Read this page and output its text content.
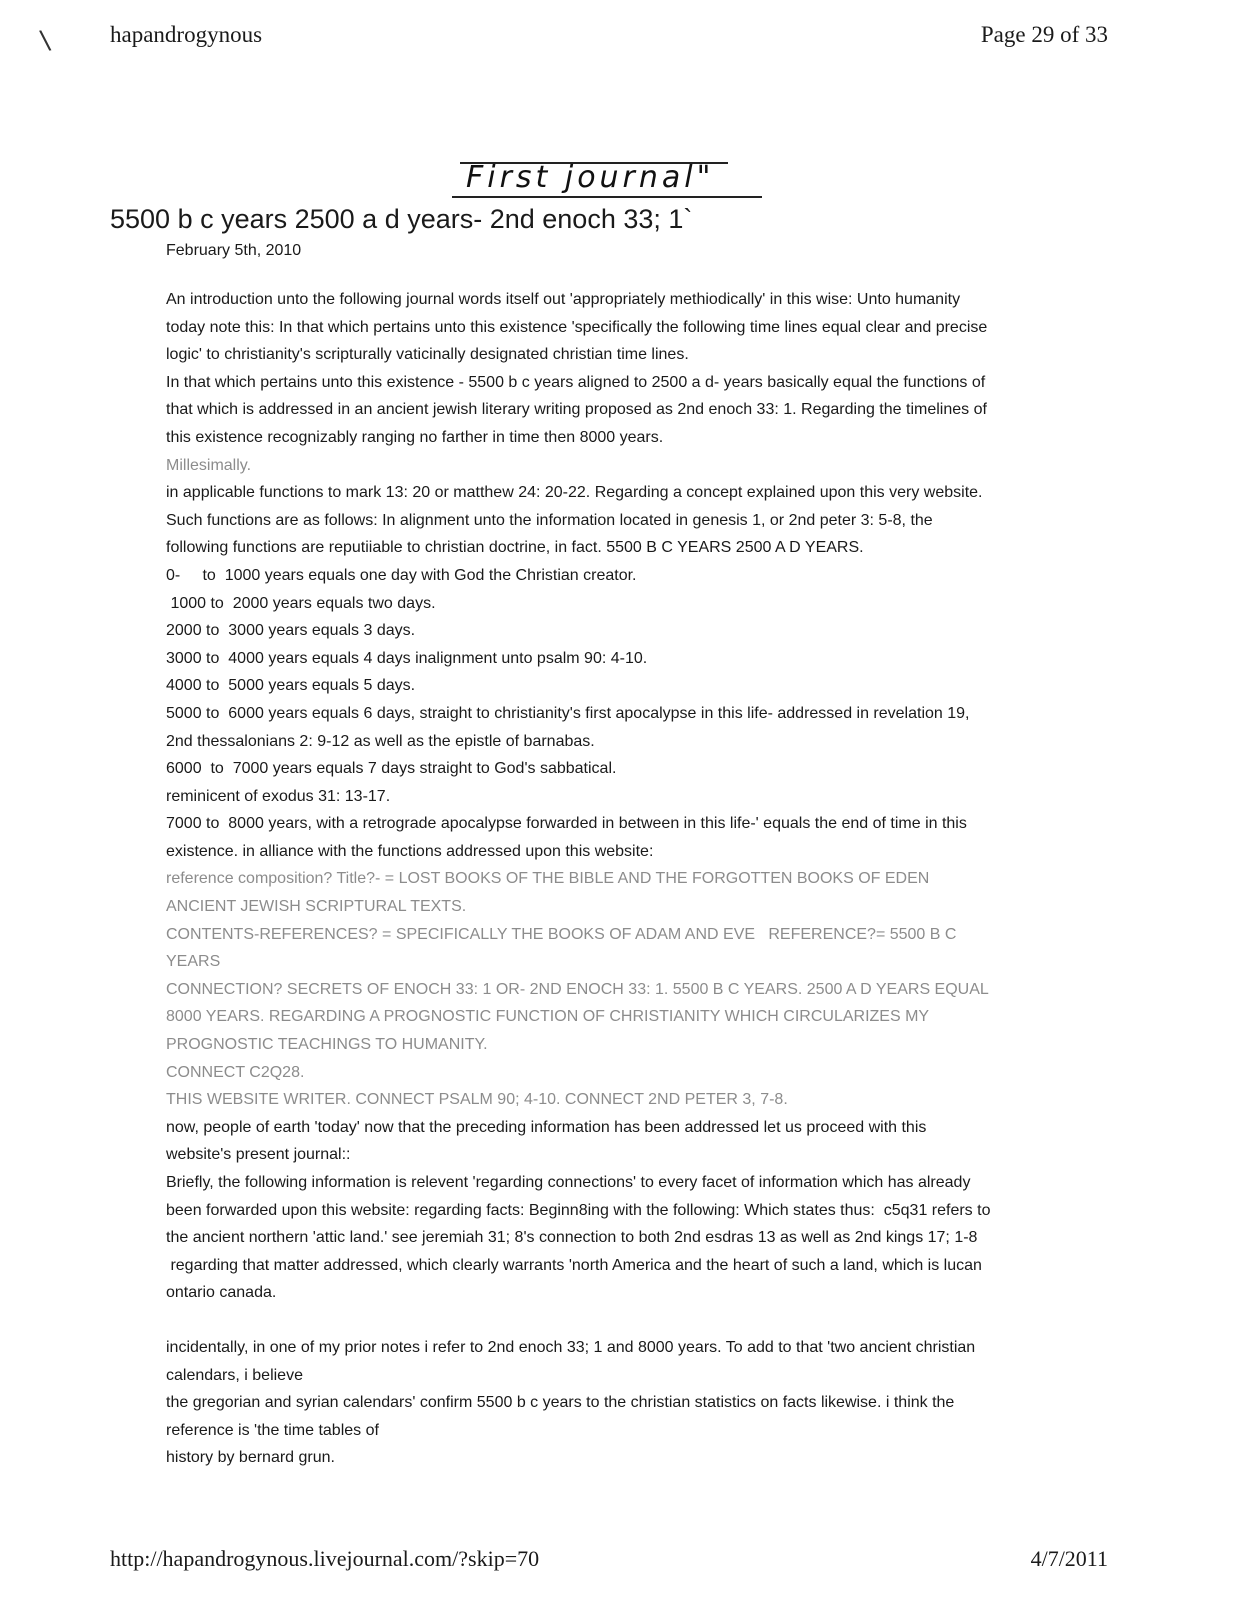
∖ hapandrogynous	Page 29 of 33
First journal"
5500 b c years 2500 a d years- 2nd enoch 33; 1`
February 5th, 2010

An introduction unto the following journal words itself out 'appropriately methiodically' in this wise: Unto humanity

today note this: In that which pertains unto this existence 'specifically the following time lines equal clear and precise

logic' to christianity's scripturally vaticinally designated christian time lines.

In that which pertains unto this existence - 5500 b c years aligned to 2500 a d- years basically equal the functions of

that which is addressed in an ancient jewish literary writing proposed as 2nd enoch 33: 1. Regarding the timelines of

this existence recognizably ranging no farther in time then 8000 years.

Millesimally.

in applicable functions to mark 13: 20 or matthew 24: 20-22. Regarding a concept explained upon this very website.

Such functions are as follows: In alignment unto the information located in genesis 1, or 2nd peter 3: 5-8, the

following functions are reputiiable to christian doctrine, in fact. 5500 B C YEARS 2500 A D YEARS.

0-     to  1000 years equals one day with God the Christian creator.

1000 to  2000 years equals two days.

2000 to  3000 years equals 3 days.

3000 to  4000 years equals 4 days inalignment unto psalm 90: 4-10.

4000 to  5000 years equals 5 days.

5000 to  6000 years equals 6 days, straight to christianity's first apocalypse in this life- addressed in revelation 19,

2nd thessalonians 2: 9-12 as well as the epistle of barnabas.

6000  to  7000 years equals 7 days straight to God's sabbatical.

reminicent of exodus 31: 13-17.

7000 to  8000 years, with a retrograde apocalypse forwarded in between in this life-' equals the end of time in this

existence. in alliance with the functions addressed upon this website:

reference composition? Title?- = LOST BOOKS OF THE BIBLE AND THE FORGOTTEN BOOKS OF EDEN

ANCIENT JEWISH SCRIPTURAL TEXTS.

CONTENTS-REFERENCES? = SPECIFICALLY THE BOOKS OF ADAM AND EVE   REFERENCE?= 5500 B C

YEARS

CONNECTION? SECRETS OF ENOCH 33: 1 OR- 2ND ENOCH 33: 1. 5500 B C YEARS. 2500 A D YEARS EQUAL

8000 YEARS. REGARDING A PROGNOSTIC FUNCTION OF CHRISTIANITY WHICH CIRCULARIZES MY

PROGNOSTIC TEACHINGS TO HUMANITY.

CONNECT C2Q28.

THIS WEBSITE WRITER. CONNECT PSALM 90; 4-10. CONNECT 2ND PETER 3, 7-8.

now, people of earth 'today' now that the preceding information has been addressed let us proceed with this

website's present journal::

Briefly, the following information is relevent 'regarding connections' to every facet of information which has already

been forwarded upon this website: regarding facts: Beginn8ing with the following: Which states thus:  c5q31 refers to

the ancient northern 'attic land.' see jeremiah 31; 8's connection to both 2nd esdras 13 as well as 2nd kings 17; 1-8

regarding that matter addressed, which clearly warrants 'north America and the heart of such a land, which is lucan

ontario canada.

incidentally, in one of my prior notes i refer to 2nd enoch 33; 1 and 8000 years. To add to that 'two ancient christian

calendars, i believe

the gregorian and syrian calendars' confirm 5500 b c years to the christian statistics on facts likewise. i think the

reference is 'the time tables of

history by bernard grun.

http://hapandrogynous.livejournal.com/?skip=70	4/7/2011
